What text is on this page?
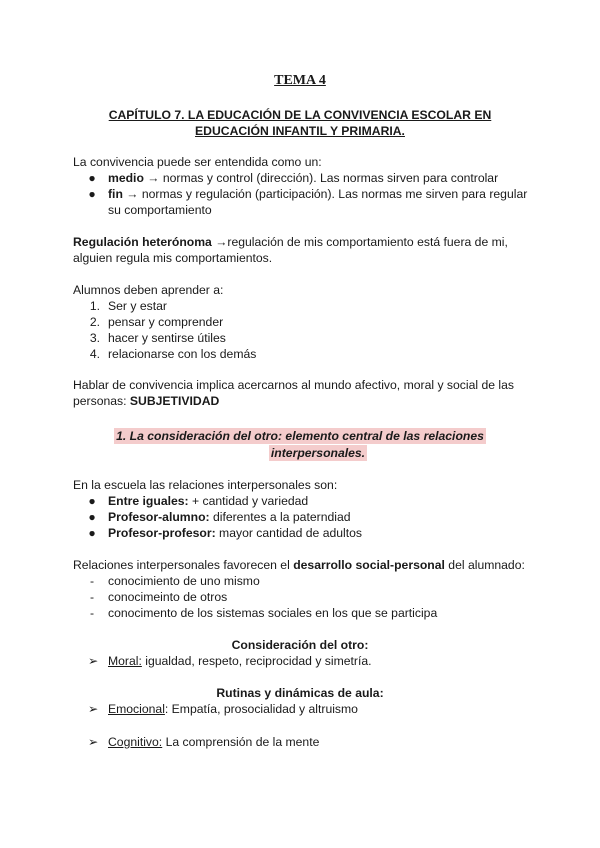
TEMA 4
CAPÍTULO 7. LA EDUCACIÓN DE LA CONVIVENCIA ESCOLAR EN
EDUCACIÓN INFANTIL Y PRIMARIA.
La convivencia puede ser entendida como un:
● medio → normas y control (dirección). Las normas sirven para controlar
● fin → normas y regulación (participación). Las normas me sirven para regular
su comportamiento
Regulación heterónoma →regulación de mis comportamiento está fuera de mi,
alguien regula mis comportamientos.
Alumnos deben aprender a:
1. Ser y estar
2. pensar y comprender
3. hacer y sentirse útiles
4. relacionarse con los demás
Hablar de convivencia implica acercarnos al mundo afectivo, moral y social de las
personas: SUBJETIVIDAD
1. La consideración del otro: elemento central de las relaciones
interpersonales.
En la escuela las relaciones interpersonales son:
● Entre iguales: + cantidad y variedad
● Profesor-alumno: diferentes a la paterndiad
● Profesor-profesor: mayor cantidad de adultos
Relaciones interpersonales favorecen el desarrollo social-personal del alumnado:
- conocimiento de uno mismo
- conocimeinto de otros
- conocimento de los sistemas sociales en los que se participa
Consideración del otro:
➢ Moral: igualdad, respeto, reciprocidad y simetría.
Rutinas y dinámicas de aula:
➢ Emocional: Empatía, prosocialidad y altruismo
➢ Cognitivo: La comprensión de la mente
